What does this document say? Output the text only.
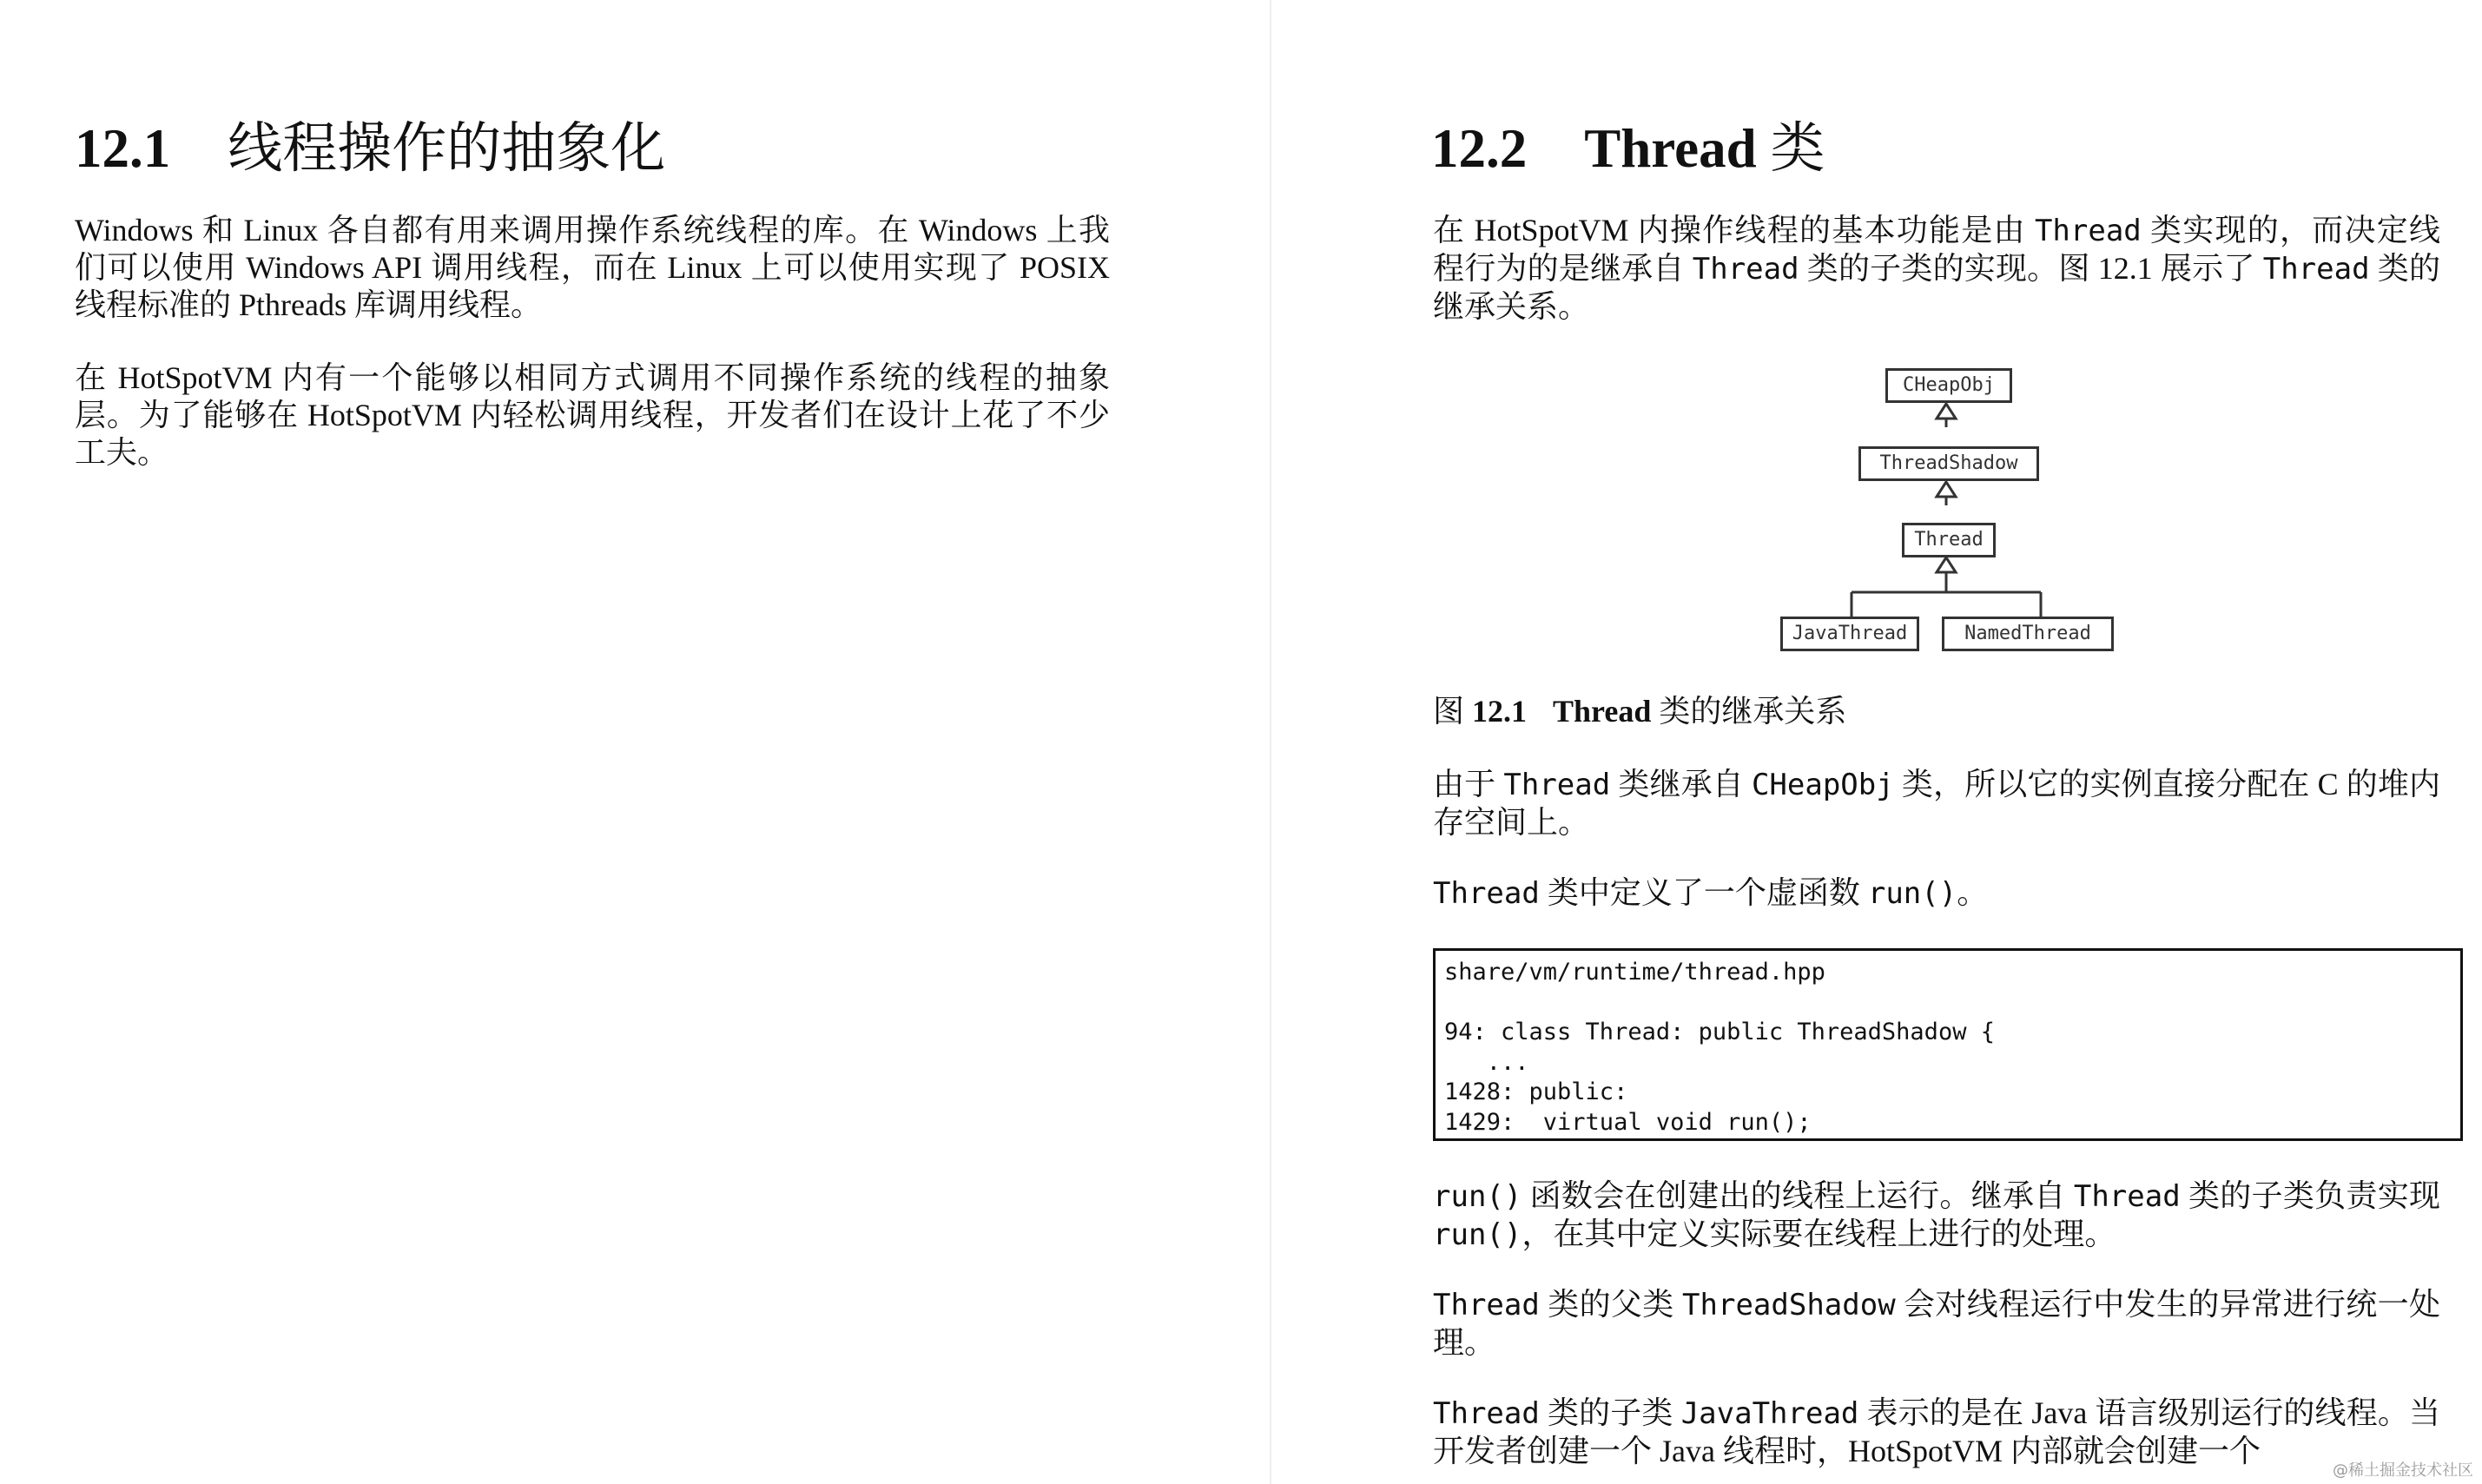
12.1 线程操作的抽象化

Windows 和 Linux 各自都有用来调用操作系统线程的库。在 Windows 上我们可以使用 Windows API 调用线程，而在 Linux 上可以使用实现了 POSIX 线程标准的 Pthreads 库调用线程。

在 HotSpotVM 内有一个能够以相同方式调用不同操作系统的线程的抽象层。为了能够在 HotSpotVM 内轻松调用线程，开发者们在设计上花了不少工夫。

12.2 Thread 类

在 HotSpotVM 内操作线程的基本功能是由 Thread 类实现的，而决定线程行为的是继承自 Thread 类的子类的实现。图 12.1 展示了 Thread 类的继承关系。

CHeapObj
ThreadShadow
Thread
JavaThread	NamedThread
图 12.1 Thread 类的继承关系

由于 Thread 类继承自 CHeapObj 类，所以它的实例直接分配在 C 的堆内存空间上。

Thread 类中定义了一个虚函数 run()。

share/vm/runtime/thread.hpp
94: class Thread: public ThreadShadow {
...
1428: public:
1429:  virtual void run();

run() 函数会在创建出的线程上运行。继承自 Thread 类的子类负责实现 run()，在其中定义实际要在线程上进行的处理。

Thread 类的父类 ThreadShadow 会对线程运行中发生的异常进行统一处理。

Thread 类的子类 JavaThread 表示的是在 Java 语言级别运行的线程。当开发者创建一个 Java 线程时，HotSpotVM 内部就会创建一个

@稀土掘金技术社区
